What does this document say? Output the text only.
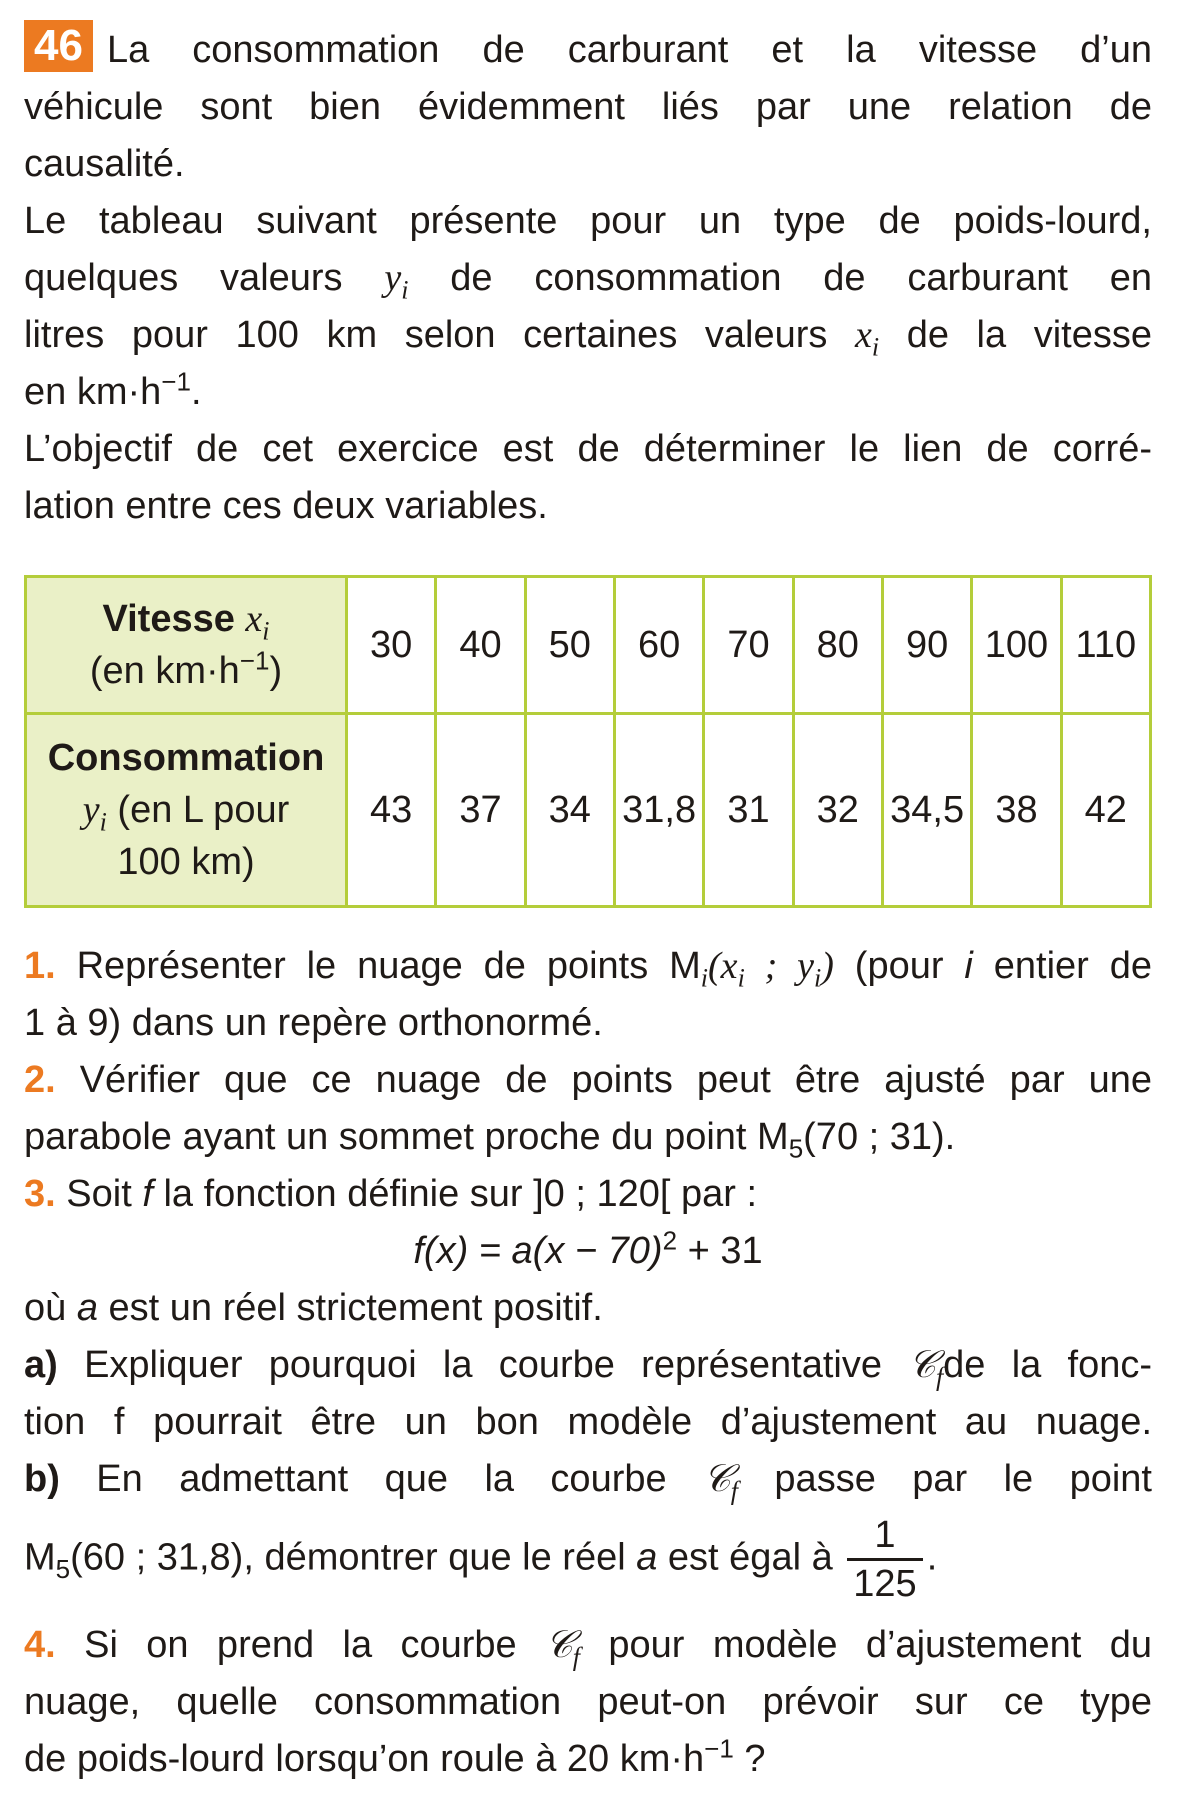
46 La consommation de carburant et la vitesse d’un
véhicule sont bien évidemment liés par une relation de
causalité.
Le tableau suivant présente pour un type de poids-lourd,
quelques valeurs $y_i$ de consommation de carburant en
litres pour 100 km selon certaines valeurs $x_i$ de la vitesse
en $km\cdot h^{-1}$.
L’objectif de cet exercice est de déterminer le lien de corré-
lation entre ces deux variables.
Vitesse $x_i$
(en $km\cdot h^{-1}$)	30	40	50	60	70	80	90	100	110
Consommation
$y_i$ (en L pour
100 km)	43	37	34	31,8	31	32	34,5	38	42
1. Représenter le nuage de points $M_i(x_i$ ; $y_i$) (pour i entier de
1 à 9) dans un repère orthonormé.
2. Vérifier que ce nuage de points peut être ajusté par une
parabole ayant un sommet proche du point $M_5(70$ ; 31).
3. Soit f la fonction définie sur ]0 ; 120[ par :
$f(x) = a(x - 70)^2 + 31$
où a est un réel strictement positif.
a) Expliquer pourquoi la courbe représentative 𝒞$_f$de la fonc-
tion f pourrait être un bon modèle d’ajustement au nuage.
b) En admettant que la courbe 𝒞$_f$ passe par le point
$M_5(60$ ; 31,8), démontrer que le réel a est égal à $\frac{1}{125}$ .
4. Si on prend la courbe 𝒞$_f$ pour modèle d’ajustement du
nuage, quelle consommation peut-on prévoir sur ce type
de poids-lourd lorsqu’on roule à 20 $km\cdot h^{-1}$ ?
